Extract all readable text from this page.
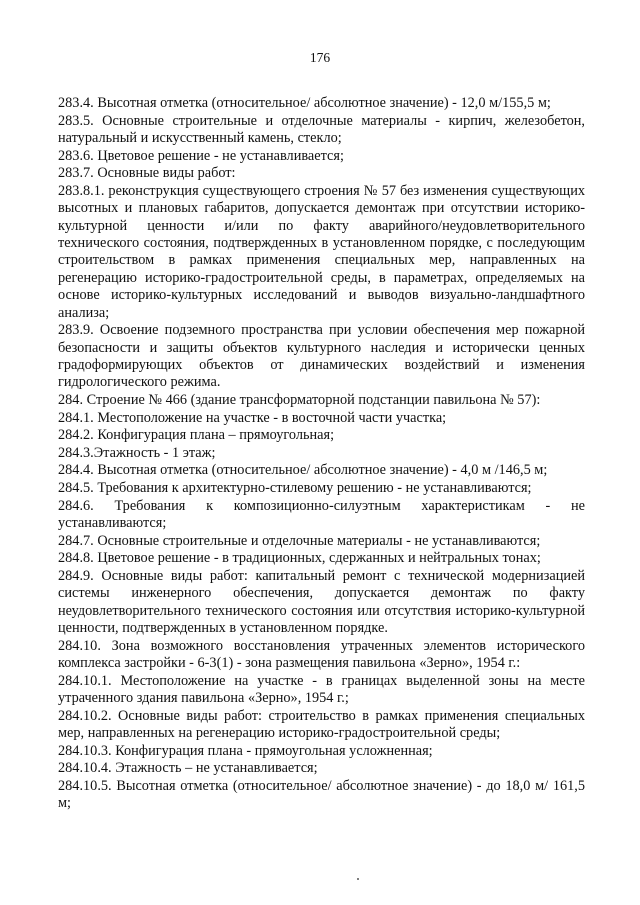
176

283.4. Высотная отметка (относительное/ абсолютное значение) - 12,0 м/155,5 м;

283.5. Основные строительные и отделочные материалы - кирпич, железобетон, натуральный и искусственный камень, стекло;

283.6. Цветовое решение - не устанавливается;

283.7. Основные виды работ:

283.8.1. реконструкция существующего строения № 57 без изменения существующих высотных и плановых габаритов, допускается демонтаж при отсутствии историко-культурной ценности и/или по факту аварийного/неудовлетворительного технического состояния, подтвержденных в установленном порядке, с последующим строительством в рамках применения специальных мер, направленных на регенерацию историко-градостроительной среды, в параметрах, определяемых на основе историко-культурных исследований и выводов визуально-ландшафтного анализа;

283.9. Освоение подземного пространства при условии обеспечения мер пожарной безопасности и защиты объектов культурного наследия и исторически ценных градоформирующих объектов от динамических воздействий и изменения гидрологического режима.

284. Строение № 466 (здание трансформаторной подстанции павильона № 57):

284.1. Местоположение на участке - в восточной части участка;

284.2. Конфигурация плана – прямоугольная;

284.3.Этажность - 1 этаж;

284.4. Высотная отметка (относительное/ абсолютное значение) - 4,0 м /146,5 м;

284.5. Требования к архитектурно-стилевому решению - не устанавливаются;

284.6. Требования к композиционно-силуэтным характеристикам - не устанавливаются;

284.7. Основные строительные и отделочные материалы - не устанавливаются;

284.8. Цветовое решение - в традиционных, сдержанных и нейтральных тонах;

284.9. Основные виды работ: капитальный ремонт с технической модернизацией системы инженерного обеспечения, допускается демонтаж по факту неудовлетворительного технического состояния или отсутствия историко-культурной ценности, подтвержденных в установленном порядке.

284.10. Зона возможного восстановления утраченных элементов исторического комплекса застройки - 6-3(1) - зона размещения павильона «Зерно», 1954 г.:

284.10.1. Местоположение на участке - в границах выделенной зоны на месте утраченного здания павильона «Зерно», 1954 г.;

284.10.2. Основные виды работ: строительство в рамках применения специальных мер, направленных на регенерацию историко-градостроительной среды;

284.10.3. Конфигурация плана - прямоугольная усложненная;

284.10.4. Этажность – не устанавливается;

284.10.5. Высотная отметка (относительное/ абсолютное значение) - до 18,0 м/ 161,5 м;
